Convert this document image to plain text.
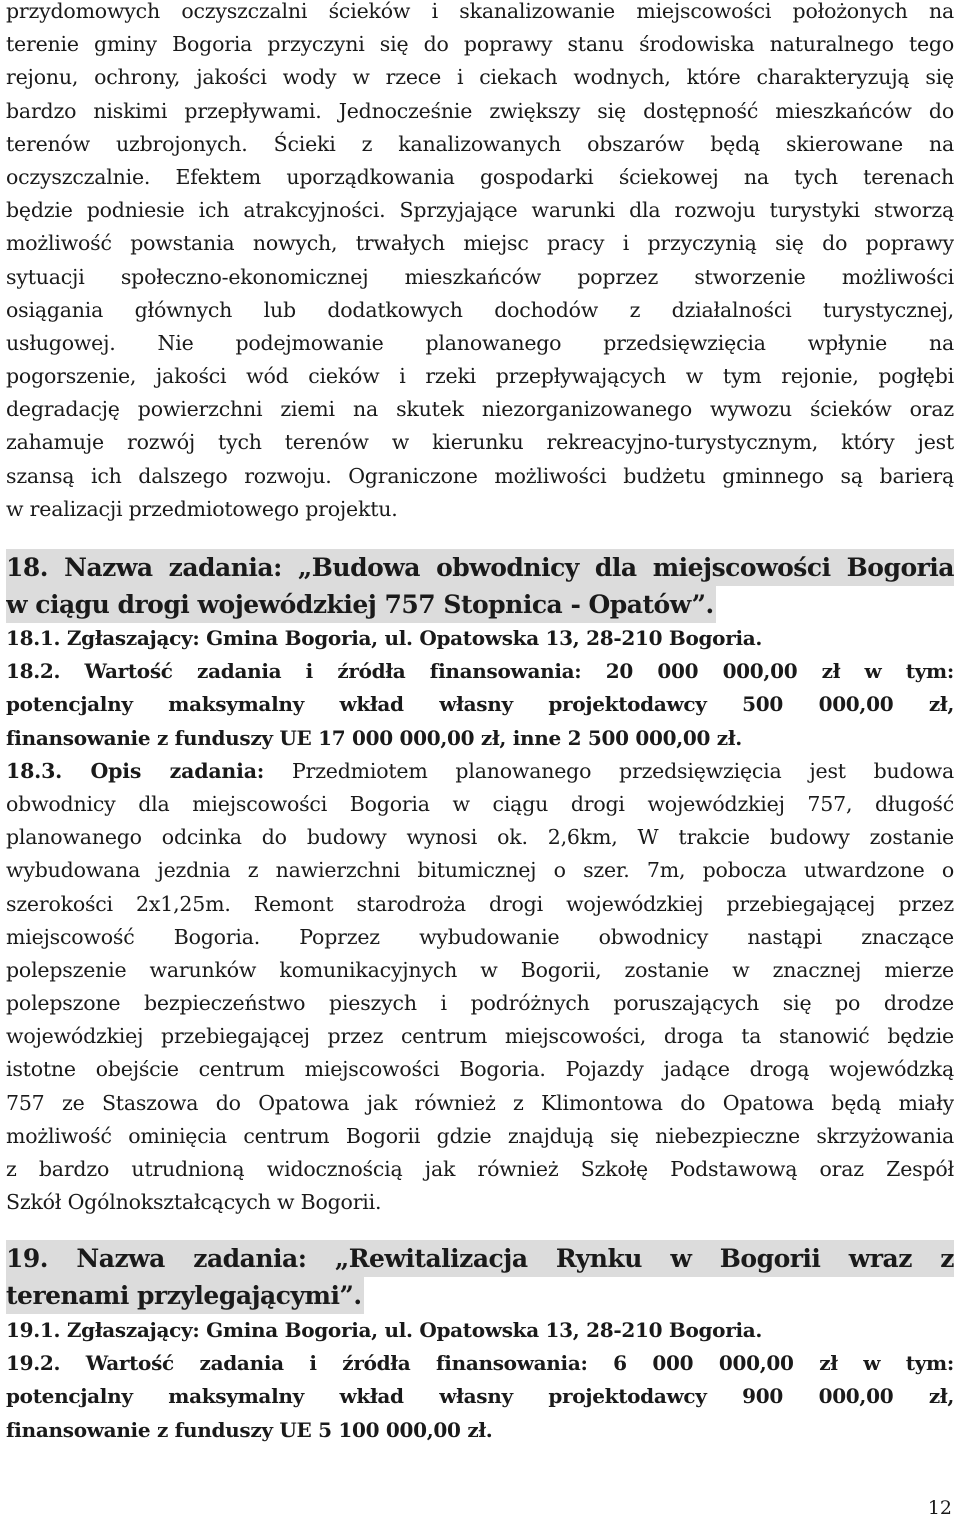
przydomowych oczyszczalni ścieków i skanalizowanie miejscowości położonych na
terenie gminy Bogoria przyczyni się do poprawy stanu środowiska naturalnego tego
rejonu, ochrony, jakości wody w rzece i ciekach wodnych, które charakteryzują się
bardzo niskimi przepływami. Jednocześnie zwiększy się dostępność mieszkańców do
terenów uzbrojonych. Ścieki z kanalizowanych obszarów będą skierowane na
oczyszczalnie. Efektem uporządkowania gospodarki ściekowej na tych terenach
będzie podniesie ich atrakcyjności. Sprzyjające warunki dla rozwoju turystyki stworzą
możliwość powstania nowych, trwałych miejsc pracy i przyczynią się do poprawy
sytuacji społeczno-ekonomicznej mieszkańców poprzez stworzenie możliwości
osiągania głównych lub dodatkowych dochodów z działalności turystycznej,
usługowej. Nie podejmowanie planowanego przedsięwzięcia wpłynie na
pogorszenie, jakości wód cieków i rzeki przepływających w tym rejonie, pogłębi
degradację powierzchni ziemi na skutek niezorganizowanego wywozu ścieków oraz
zahamuje rozwój tych terenów w kierunku rekreacyjno-turystycznym, który jest
szansą ich dalszego rozwoju. Ograniczone możliwości budżetu gminnego są barierą
w realizacji przedmiotowego projektu.
18. Nazwa zadania: „Budowa obwodnicy dla miejscowości Bogoria
w ciągu drogi wojewódzkiej 757 Stopnica - Opatów”.
18.1. Zgłaszający: Gmina Bogoria, ul. Opatowska 13, 28-210 Bogoria.
18.2. Wartość zadania i źródła finansowania: 20 000 000,00 zł w tym:
potencjalny maksymalny wkład własny projektodawcy 500 000,00 zł,
finansowanie z funduszy UE 17 000 000,00 zł, inne 2 500 000,00 zł.
18.3. Opis zadania: Przedmiotem planowanego przedsięwzięcia jest budowa
obwodnicy dla miejscowości Bogoria w ciągu drogi wojewódzkiej 757, długość
planowanego odcinka do budowy wynosi ok. 2,6km, W trakcie budowy zostanie
wybudowana jezdnia z nawierzchni bitumicznej o szer. 7m, pobocza utwardzone o
szerokości 2x1,25m. Remont starodroża drogi wojewódzkiej przebiegającej przez
miejscowość Bogoria. Poprzez wybudowanie obwodnicy nastąpi znaczące
polepszenie warunków komunikacyjnych w Bogorii, zostanie w znacznej mierze
polepszone bezpieczeństwo pieszych i podróżnych poruszających się po drodze
wojewódzkiej przebiegającej przez centrum miejscowości, droga ta stanowić będzie
istotne obejście centrum miejscowości Bogoria. Pojazdy jadące drogą wojewódzką
757 ze Staszowa do Opatowa jak również z Klimontowa do Opatowa będą miały
możliwość ominięcia centrum Bogorii gdzie znajdują się niebezpieczne skrzyżowania
z bardzo utrudnioną widocznością jak również Szkołę Podstawową oraz Zespół
Szkół Ogólnokształcących w Bogorii.
19. Nazwa zadania: „Rewitalizacja Rynku w Bogorii wraz z
terenami przylegającymi”.
19.1. Zgłaszający: Gmina Bogoria, ul. Opatowska 13, 28-210 Bogoria.
19.2. Wartość zadania i źródła finansowania: 6 000 000,00 zł w tym:
potencjalny maksymalny wkład własny projektodawcy 900 000,00 zł,
finansowanie z funduszy UE 5 100 000,00 zł.
12
